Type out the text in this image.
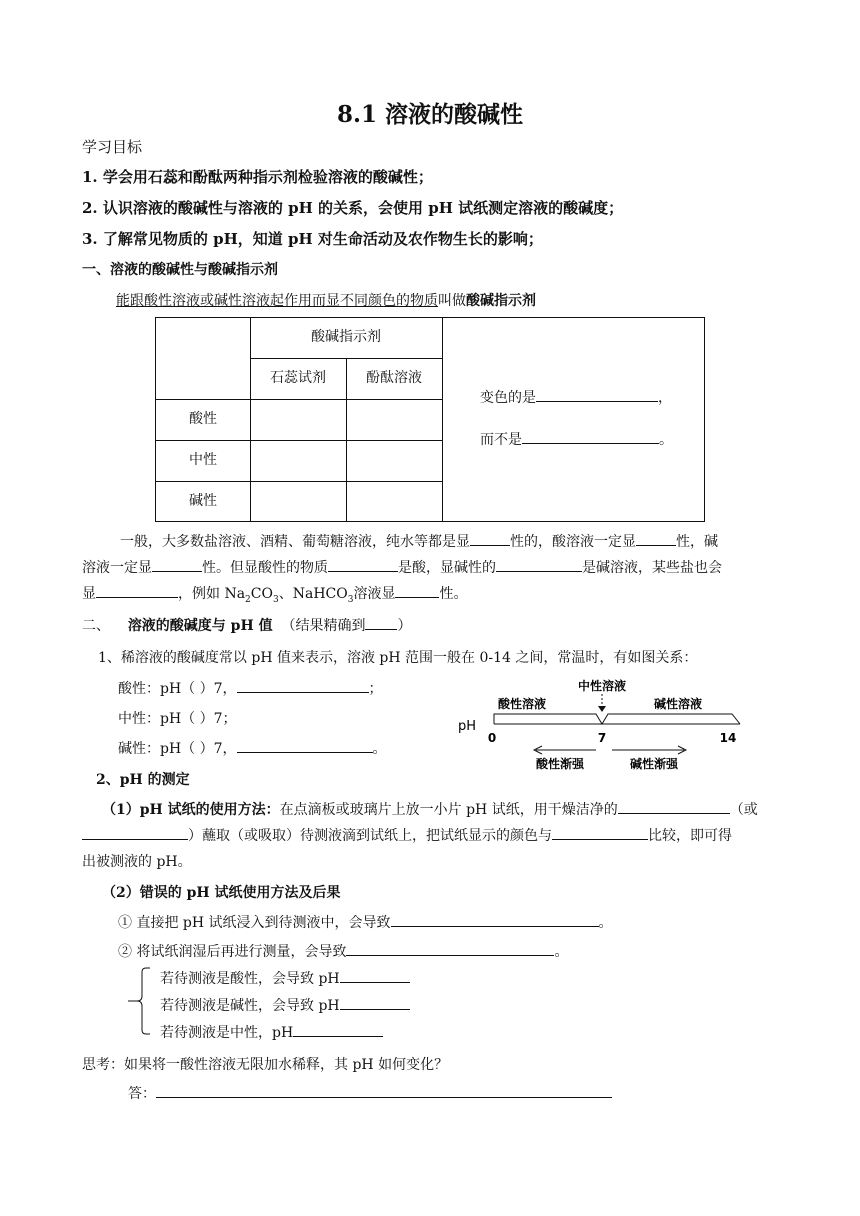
8.1 溶液的酸碱性
学习目标
1. 学会用石蕊和酚酞两种指示剂检验溶液的酸碱性；
2. 认识溶液的酸碱性与溶液的 pH 的关系，会使用 pH 试纸测定溶液的酸碱度；
3. 了解常见物质的 pH，知道 pH 对生命活动及农作物生长的影响；
一、溶液的酸碱性与酸碱指示剂
能跟酸性溶液或碱性溶液起作用而显不同颜色的物质叫做酸碱指示剂
酸碱指示剂
石蕊试剂	酚酞溶液
酸性
中性
碱性
变色的是	，
而不是	。
一般，大多数盐溶液、酒精、葡萄糖溶液，纯水等都是显	性的，酸溶液一定显	性，碱
溶液一定显	性。但显酸性的物质	是酸，显碱性的	是碱溶液，某些盐也会
显	，例如 $Na_2CO_3$、NaHCO$_3$溶液显	性。
二、 溶液的酸碱度与 pH 值 （结果精确到 ）
1、稀溶液的酸碱度常以 pH 值来表示，溶液 pH 范围一般在 0-14 之间，常温时，有如图关系：
酸性：pH（ ）7，	；
中性：pH（ ）7；
碱性：pH（ ）7，	。
中性溶液
酸性溶液	碱性溶液
pH
0	7	14
酸性渐强	碱性渐强
2、pH 的测定
（1）pH 试纸的使用方法：在点滴板或玻璃片上放一小片 pH 试纸，用干燥洁净的	（或
）蘸取（或吸取）待测液滴到试纸上，把试纸显示的颜色与	比较，即可得
出被测液的 pH。
（2）错误的 pH 试纸使用方法及后果
① 直接把 pH 试纸浸入到待测液中，会导致	。
② 将试纸润湿后再进行测量，会导致	。
若待测液是酸性，会导致 pH
若待测液是碱性，会导致 pH
若待测液是中性，pH
思考：如果将一酸性溶液无限加水稀释，其 pH 如何变化？
答：
